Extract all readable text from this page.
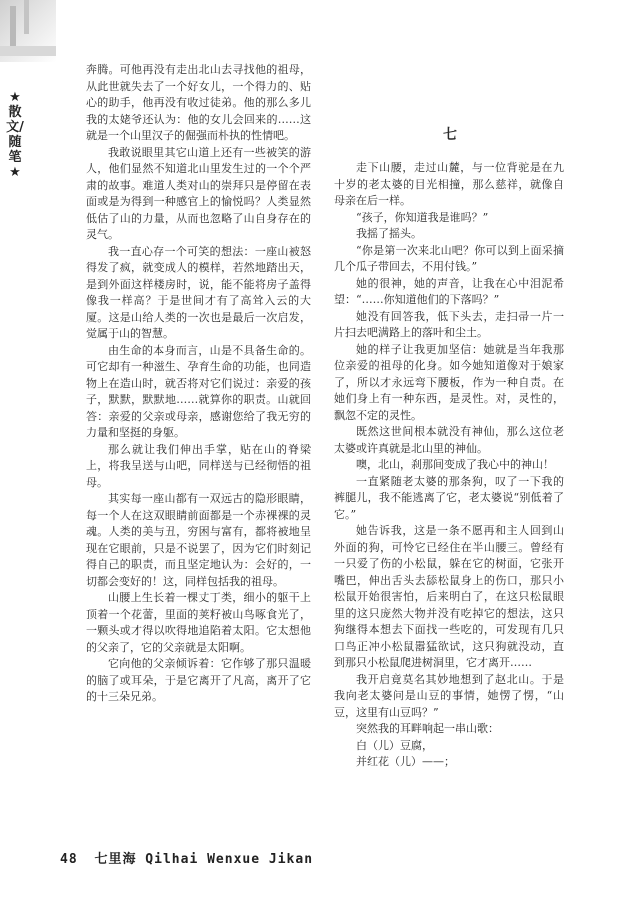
★散文/随笔★

奔腾。可他再没有走出北山去寻找他的祖母，从此世就失去了一个好女儿，一个得力的、贴心的助手，他再没有收过徒弟。他的那么多儿我的太姥爷还认为：他的女儿会回来的……这就是一个山里汉子的倔强而朴执的性情吧。

我敢说眼里其它山道上还有一些被笑的游人，他们显然不知道北山里发生过的一个个严肃的故事。难道人类对山的崇拜只是停留在表面或是为得到一种感官上的愉悦吗？人类显然低估了山的力量，从而也忽略了山自身存在的灵气。

我一直心存一个可笑的想法：一座山被怒得发了疯，就变成人的模样，若然地踏出天，是到外面这样楼房时，说，能不能将房子盖得像我一样高？于是世间才有了高耸入云的大厦。这是山给人类的一次也是最后一次启发，觉属于山的智慧。

由生命的本身而言，山是不具备生命的。可它却有一种滋生、孕育生命的功能，也同造物上在造山时，就否将对它们说过：亲爱的孩子，默默，默默地……就算你的职责。山就回答：亲爱的父亲或母亲，感谢您给了我无穷的力量和坚挺的身躯。

那么就让我们伸出手掌，贴在山的脊梁上，将我呈送与山吧，同样送与已经彻悟的祖母。

其实每一座山都有一双远古的隐形眼睛，每一个人在这双眼睛前面都是一个赤裸裸的灵魂。人类的美与丑，穷困与富有，都将被地呈现在它眼前，只是不说罢了，因为它们时刻记得自己的职责，而且坚定地认为：会好的，一切都会变好的！这，同样包括我的祖母。

山腰上生长着一棵丈丁类，细小的躯干上顶着一个花蕾，里面的荚籽被山鸟啄食光了，一颗头或才得以吹得地追陷着太阳。它太想他的父亲了，它的父亲就是太阳啊。

它向他的父亲倾诉着：它作够了那只温暖的脑了或耳朵，于是它离开了凡高，离开了它的十三朵兄弟。

七

走下山腰，走过山麓，与一位背驼是在九十岁的老太婆的目光相撞，那么慈祥，就像自母亲在后一样。

“孩子，你知道我是谁吗？”

我摇了摇头。

“你是第一次来北山吧？你可以到上面采摘几个瓜子带回去，不用付钱。”

她的很神，她的声音，让我在心中泪泥希望：“……你知道他们的下落吗？”

她没有回答我，低下头去，走扫帚一片一片扫去吧满路上的落叶和尘土。

她的样子让我更加坚信：她就是当年我那位亲爱的祖母的化身。如今她知道像对于娘家了，所以才永远弯下腰板，作为一种自责。在她们身上有一种东西，是灵性。对，灵性的，飘忽不定的灵性。

既然这世间根本就没有神仙，那么这位老太婆或许真就是北山里的神仙。

噢，北山，刹那间变成了我心中的神山！

一直紧随老太婆的那条狗，叹了一下我的裤腿儿，我不能逃离了它，老太婆说“别低着了它。”

她告诉我，这是一条不愿再和主人回到山外面的狗，可怜它已经住在半山腰三。曾经有一只爱了伤的小松鼠，躲在它的树面，它张开嘴巴，伸出舌头去舔松鼠身上的伤口，那只小松鼠开始很害怕，后来明白了，在这只松鼠眼里的这只庞然大物并没有吃掉它的想法，这只狗继得本想去下面找一些吃的，可发现有几只口鸟正冲小松鼠嚣猛欲试，这只狗就没动，直到那只小松鼠爬进树洞里，它才离开……

我开启竟莫名其妙地想到了赵北山。于是我向老太婆问是山豆的事情，她愣了愣，“山豆，这里有山豆吗？”

突然我的耳畔响起一串山歌：

白（儿）豆腐，

并红花（儿）——；

48 七里海 Qilhai Wenxue Jikan
